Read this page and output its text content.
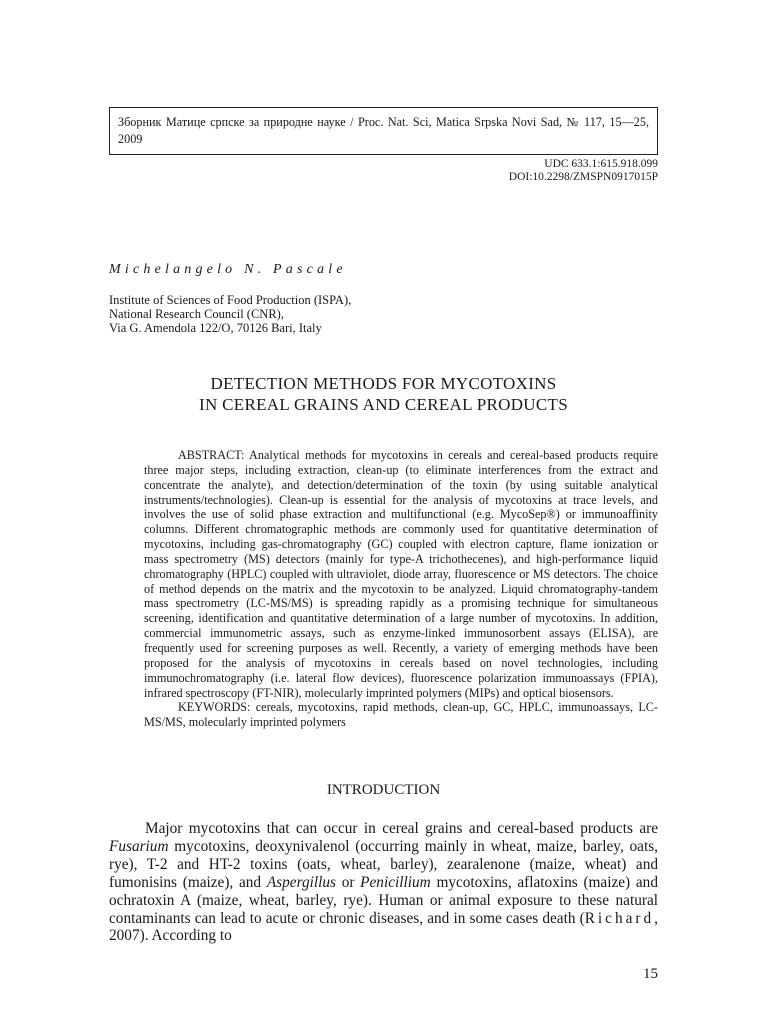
Зборник Матице српске за природне науке / Proc. Nat. Sci, Matica Srpska Novi Sad, № 117, 15—25, 2009
UDC 633.1:615.918.099
DOI:10.2298/ZMSPN0917015P
Michelangelo N. Pascale
Institute of Sciences of Food Production (ISPA),
National Research Council (CNR),
Via G. Amendola 122/O, 70126 Bari, Italy
DETECTION METHODS FOR MYCOTOXINS
IN CEREAL GRAINS AND CEREAL PRODUCTS

ABSTRACT: Analytical methods for mycotoxins in cereals and cereal-based products require three major steps, including extraction, clean-up (to eliminate interferences from the extract and concentrate the analyte), and detection/determination of the toxin (by using suitable analytical instruments/technologies). Clean-up is essential for the analysis of mycotoxins at trace levels, and involves the use of solid phase extraction and multifunctional (e.g. MycoSep®) or immunoaffinity columns. Different chromatographic methods are commonly used for quantitative determination of mycotoxins, including gas-chromatography (GC) coupled with electron capture, flame ionization or mass spectrometry (MS) detectors (mainly for type-A trichothecenes), and high-performance liquid chromatography (HPLC) coupled with ultraviolet, diode array, fluorescence or MS detectors. The choice of method depends on the matrix and the mycotoxin to be analyzed. Liquid chromatography-tandem mass spectrometry (LC-MS/MS) is spreading rapidly as a promising technique for simultaneous screening, identification and quantitative determination of a large number of mycotoxins. In addition, commercial immunometric assays, such as enzyme-linked immunosorbent assays (ELISA), are frequently used for screening purposes as well. Recently, a variety of emerging methods have been proposed for the analysis of mycotoxins in cereals based on novel technologies, including immunochromatography (i.e. lateral flow devices), fluorescence polarization immunoassays (FPIA), infrared spectroscopy (FT-NIR), molecularly imprinted polymers (MIPs) and optical biosensors.

KEYWORDS: cereals, mycotoxins, rapid methods, clean-up, GC, HPLC, immunoassays, LC-MS/MS, molecularly imprinted polymers

INTRODUCTION

Major mycotoxins that can occur in cereal grains and cereal-based products are Fusarium mycotoxins, deoxynivalenol (occurring mainly in wheat, maize, barley, oats, rye), T-2 and HT-2 toxins (oats, wheat, barley), zearalenone (maize, wheat) and fumonisins (maize), and Aspergillus or Penicillium mycotoxins, aflatoxins (maize) and ochratoxin A (maize, wheat, barley, rye). Human or animal exposure to these natural contaminants can lead to acute or chronic diseases, and in some cases death (Richard, 2007). According to

15
